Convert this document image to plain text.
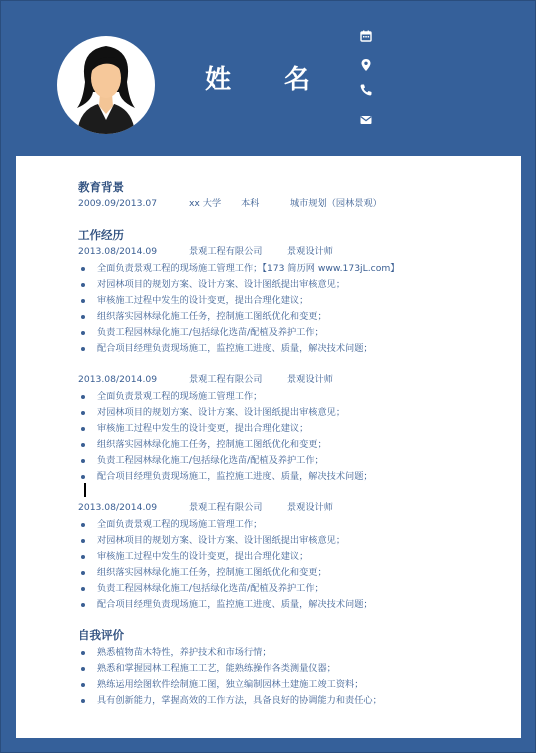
姓 名
教育背景
2009.09/2013.07	xx 大学 本科	城市规划（园林景观）
工作经历
2013.08/2014.09	景观工程有限公司	景观设计师
全面负责景观工程的现场施工管理工作；【173 简历网 www.173jL.com】
对园林项目的规划方案、设计方案、设计图纸提出审核意见；
审核施工过程中发生的设计变更，提出合理化建议；
组织落实园林绿化施工任务，控制施工图纸优化和变更；
负责工程园林绿化施工/包括绿化选苗/配植及养护工作；
配合项目经理负责现场施工，监控施工进度、质量，解决技术问题；
2013.08/2014.09	景观工程有限公司	景观设计师
全面负责景观工程的现场施工管理工作；
对园林项目的规划方案、设计方案、设计图纸提出审核意见；
审核施工过程中发生的设计变更，提出合理化建议；
组织落实园林绿化施工任务，控制施工图纸优化和变更；
负责工程园林绿化施工/包括绿化选苗/配植及养护工作；
配合项目经理负责现场施工，监控施工进度、质量，解决技术问题；
2013.08/2014.09	景观工程有限公司	景观设计师
全面负责景观工程的现场施工管理工作；
对园林项目的规划方案、设计方案、设计图纸提出审核意见；
审核施工过程中发生的设计变更，提出合理化建议；
组织落实园林绿化施工任务，控制施工图纸优化和变更；
负责工程园林绿化施工/包括绿化选苗/配植及养护工作；
配合项目经理负责现场施工，监控施工进度、质量，解决技术问题；
自我评价
熟悉植物苗木特性，养护技术和市场行情；
熟悉和掌握园林工程施工工艺，能熟练操作各类测量仪器；
熟练运用绘图软件绘制施工图，独立编制园林土建施工竣工资料；
具有创新能力，掌握高效的工作方法，具备良好的协调能力和责任心；
